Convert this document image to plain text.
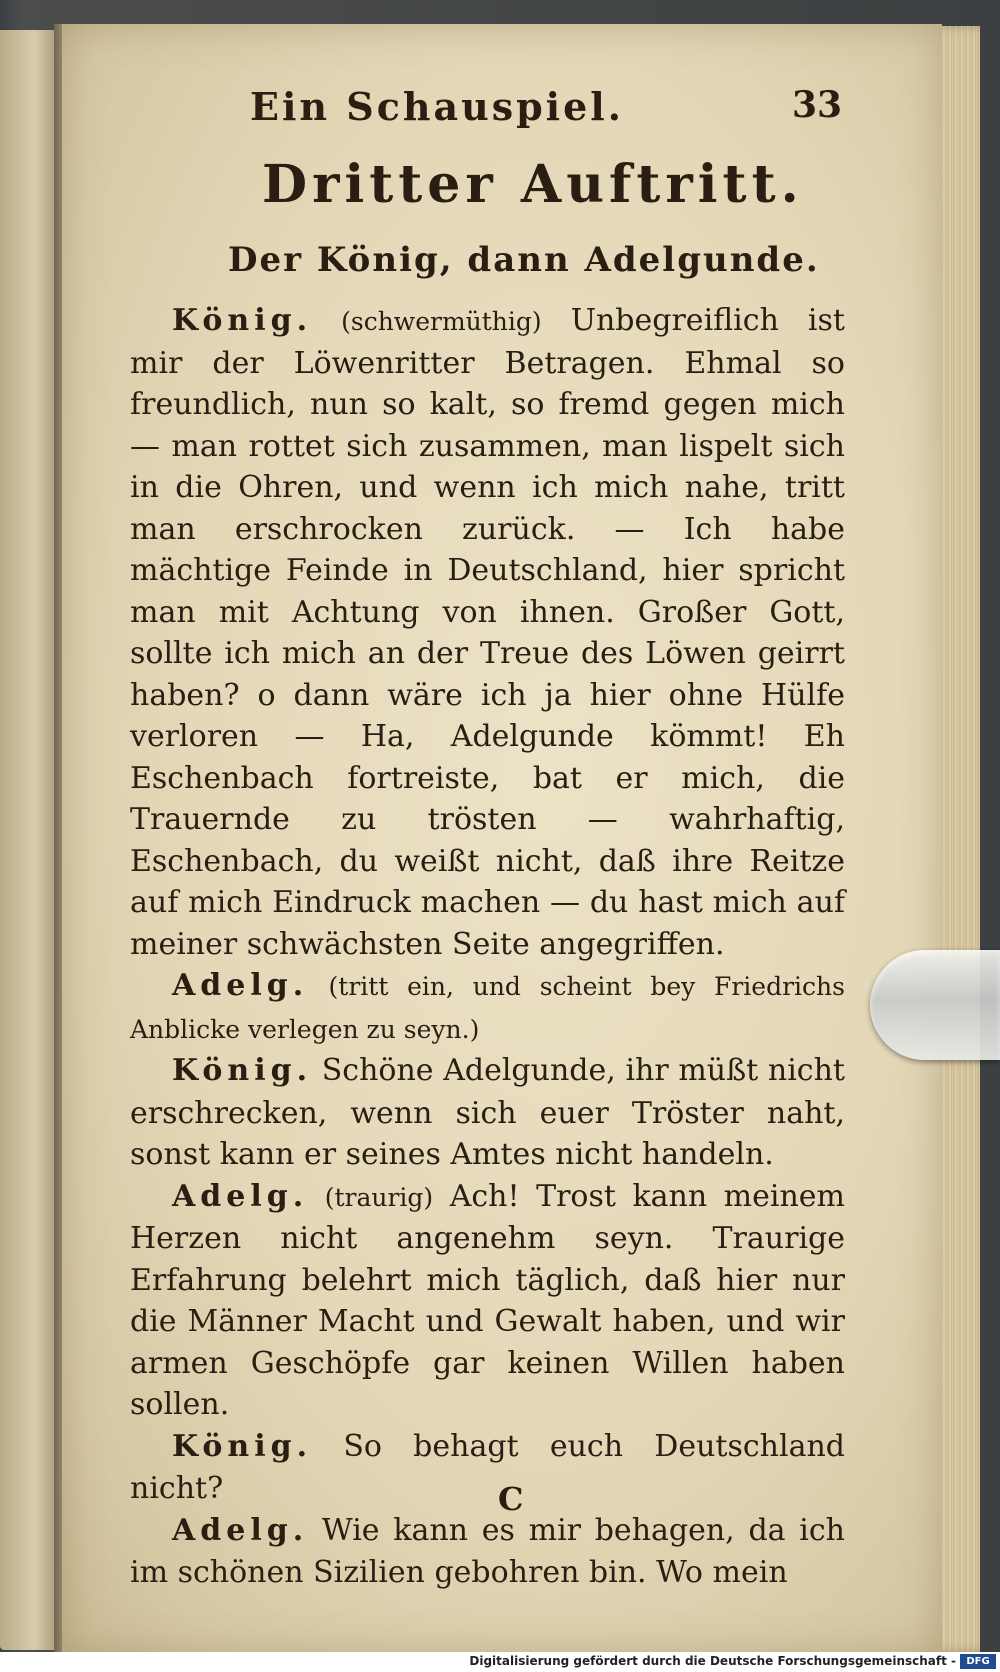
Ein Schauspiel.	33
Dritter Auftritt.
Der König, dann Adelgunde.

König. (schwermüthig) Unbegreiflich ist mir der Löwenritter Betragen. Ehmal so freundlich, nun so kalt, so fremd gegen mich — man rottet sich zusammen, man lispelt sich in die Ohren, und wenn ich mich nahe, tritt man erschrocken zurück. — Ich habe mächtige Feinde in Deutschland, hier spricht man mit Achtung von ihnen. Großer Gott, sollte ich mich an der Treue des Löwen geirrt haben? o dann wäre ich ja hier ohne Hülfe verloren — Ha, Adelgunde kömmt! Eh Eschenbach fortreiste, bat er mich, die Trauernde zu trösten — wahrhaftig, Eschenbach, du weißt nicht, daß ihre Reitze auf mich Eindruck machen — du hast mich auf meiner schwächsten Seite angegriffen.

Adelg. (tritt ein, und scheint bey Friedrichs Anblicke verlegen zu seyn.)

König. Schöne Adelgunde, ihr müßt nicht erschrecken, wenn sich euer Tröster naht, sonst kann er seines Amtes nicht handeln.

Adelg. (traurig) Ach! Trost kann meinem Herzen nicht angenehm seyn. Traurige Erfahrung belehrt mich täglich, daß hier nur die Männer Macht und Gewalt haben, und wir armen Geschöpfe gar keinen Willen haben sollen.

König. So behagt euch Deutschland nicht?

Adelg. Wie kann es mir behagen, da ich im schönen Sizilien gebohren bin. Wo mein

C
Digitalisierung gefördert durch die Deutsche Forschungsgemeinschaft -	DFG
